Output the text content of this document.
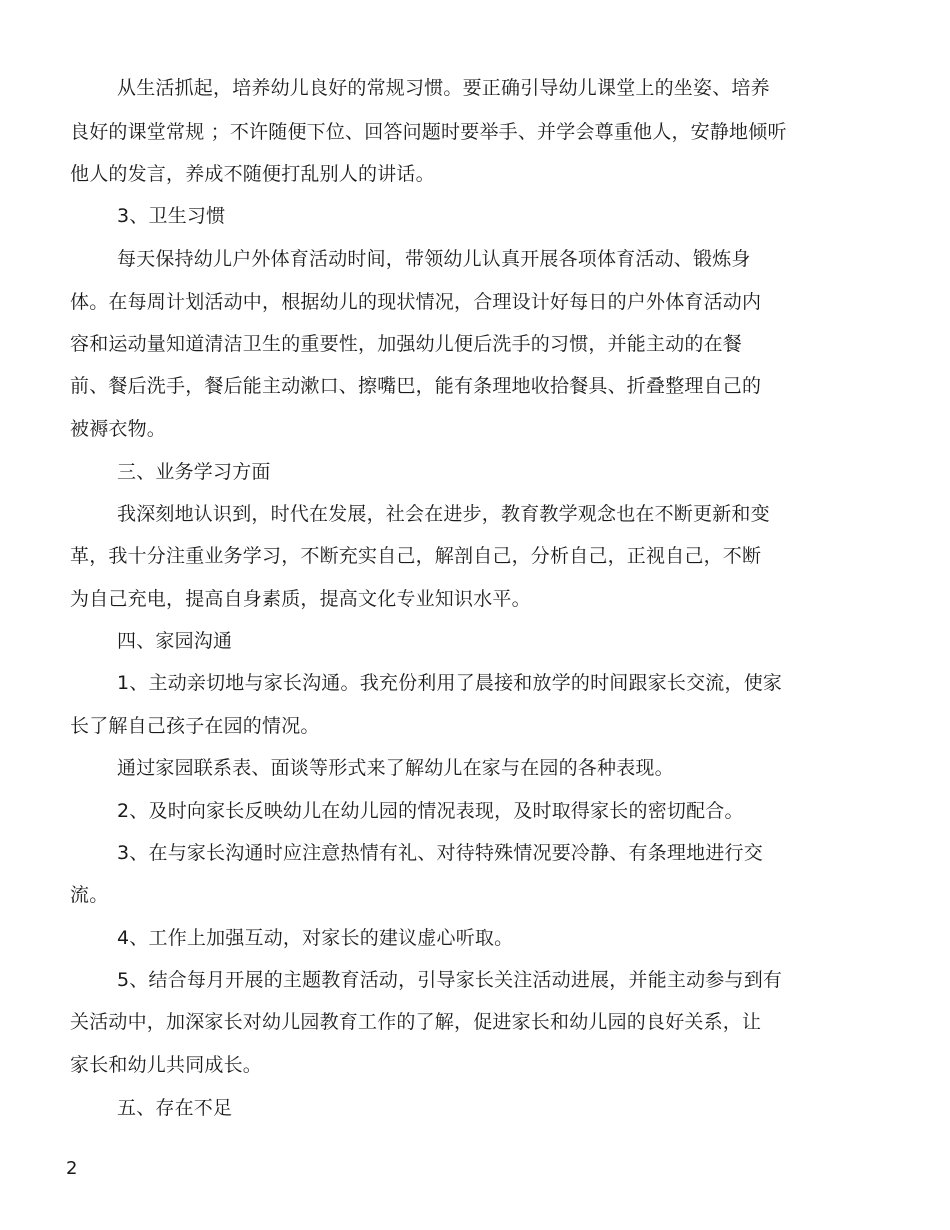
从生活抓起，培养幼儿良好的常规习惯。要正确引导幼儿课堂上的坐姿、培养
良好的课堂常规 ；不许随便下位、回答问题时要举手、并学会尊重他人，安静地倾听
他人的发言，养成不随便打乱别人的讲话。
3、卫生习惯
每天保持幼儿户外体育活动时间，带领幼儿认真开展各项体育活动、锻炼身
体。在每周计划活动中，根据幼儿的现状情况，合理设计好每日的户外体育活动内
容和运动量知道清洁卫生的重要性，加强幼儿便后洗手的习惯，并能主动的在餐
前、餐后洗手，餐后能主动漱口、擦嘴巴，能有条理地收拾餐具、折叠整理自己的
被褥衣物。
三、业务学习方面
我深刻地认识到，时代在发展，社会在进步，教育教学观念也在不断更新和变
革，我十分注重业务学习，不断充实自己，解剖自己，分析自己，正视自己，不断
为自己充电，提高自身素质，提高文化专业知识水平。
四、家园沟通
1、主动亲切地与家长沟通。我充份利用了晨接和放学的时间跟家长交流，使家
长了解自己孩子在园的情况。
通过家园联系表、面谈等形式来了解幼儿在家与在园的各种表现。
2、及时向家长反映幼儿在幼儿园的情况表现，及时取得家长的密切配合。
3、在与家长沟通时应注意热情有礼、对待特殊情况要冷静、有条理地进行交
流。
4、工作上加强互动，对家长的建议虚心听取。
5、结合每月开展的主题教育活动，引导家长关注活动进展，并能主动参与到有
关活动中，加深家长对幼儿园教育工作的了解，促进家长和幼儿园的良好关系，让
家长和幼儿共同成长。
五、存在不足
2
